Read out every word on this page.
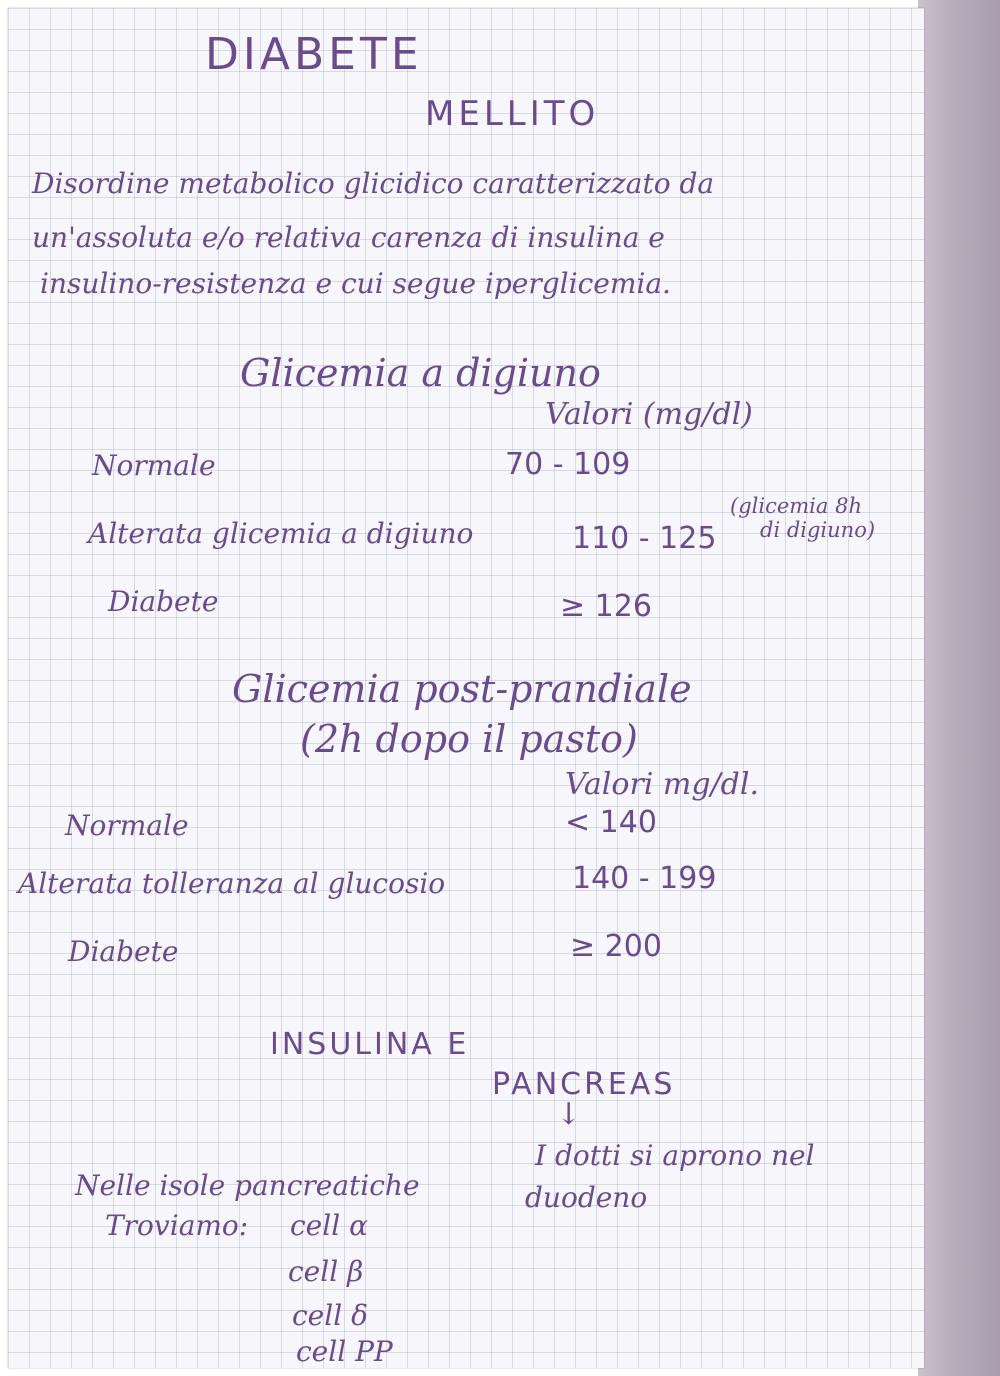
DIABETE
MELLITO
Disordine metabolico glicidico caratterizzato da
un'assoluta e/o relativa carenza di insulina e
insulino-resistenza e cui segue iperglicemia.
Glicemia a digiuno
Valori (mg/dl)
Normale	70 - 109
Alterata glicemia a digiuno	110 - 125
(glicemia 8h
di digiuno)
Diabete	≥ 126
Glicemia post-prandiale
(2h dopo il pasto)
Valori mg/dl.
Normale	< 140
Alterata tolleranza al glucosio	140 - 199
Diabete	≥ 200
INSULINA E
PANCREAS
↓
I dotti si aprono nel
duodeno
Nelle isole pancreatiche
Troviamo: cell α
cell β
cell δ
cell PP
